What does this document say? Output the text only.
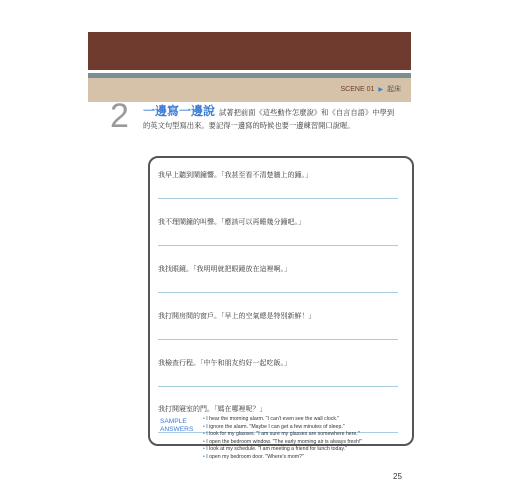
SCENE 01 ▶ 起床
2 一邊寫一邊說 試著把前面《這些動作怎麼說》和《自言自語》中學到
的英文句型寫出來。要記得一邊寫的時候也要一邊練習開口說喔。
我早上聽到鬧鐘響。「我甚至看不清楚牆上的鐘。」
我不理鬧鐘的叫聲。「應該可以再睡幾分鐘吧。」
我找眼鏡。「我明明就把眼鏡放在這裡啊。」
我打開房間的窗戶。「早上的空氣總是特別新鮮！」
我檢查行程。「中午和朋友約好一起吃飯。」
我打開寢室的門。「媽在哪裡呢？」
SAMPLE
ANSWERS
• I hear the morning alarm. "I can't even see the wall clock."
• I ignore the alarm. "Maybe I can get a few minutes of sleep."
• I look for my glasses. "I am sure my glasses are somewhere here."
• I open the bedroom window. "The early morning air is always fresh!"
• I look at my schedule. "I am meeting a friend for lunch today."
• I open my bedroom door. "Where's mom?"
25
